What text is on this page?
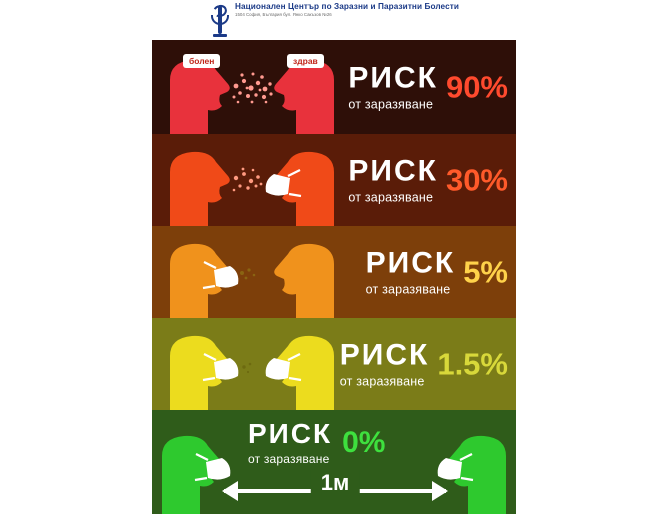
Национален Център по Заразни и Паразитни Болести
1504 София, България бул. Янко Сакъзов №26
болен	здрав
РИСК
от заразяване
90%
РИСК
от заразяване
30%
РИСК
от заразяване
5%
РИСК
от заразяване
1.5%
РИСК
от заразяване
0%
1м
